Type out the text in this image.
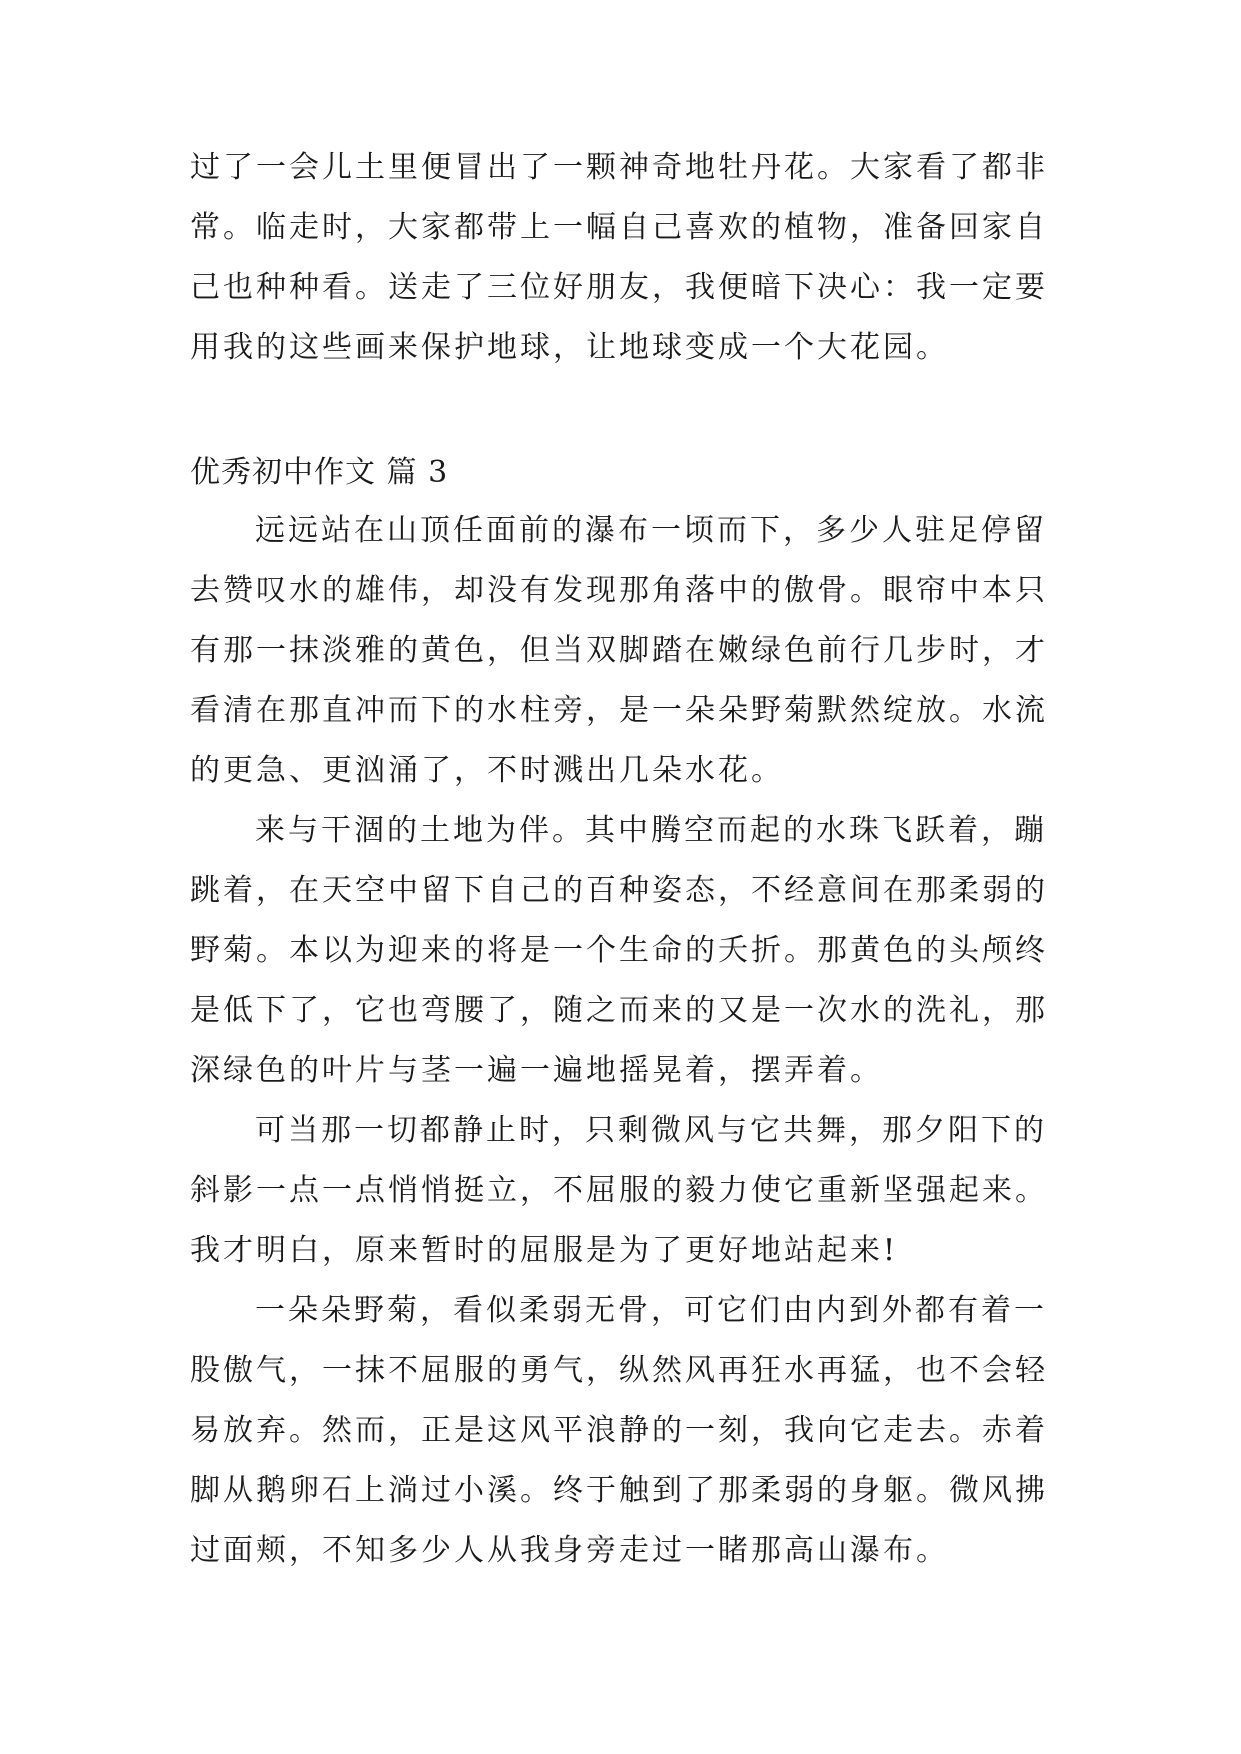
过了一会儿土里便冒出了一颗神奇地牡丹花。大家看了都非
常。临走时，大家都带上一幅自己喜欢的植物，准备回家自
己也种种看。送走了三位好朋友，我便暗下决心：我一定要
用我的这些画来保护地球，让地球变成一个大花园。
优秀初中作文 篇 3
远远站在山顶任面前的瀑布一顷而下，多少人驻足停留
去赞叹水的雄伟，却没有发现那角落中的傲骨。眼帘中本只
有那一抹淡雅的黄色，但当双脚踏在嫩绿色前行几步时，才
看清在那直冲而下的水柱旁，是一朵朵野菊默然绽放。水流
的更急、更汹涌了，不时溅出几朵水花。
来与干涸的土地为伴。其中腾空而起的水珠飞跃着，蹦
跳着，在天空中留下自己的百种姿态，不经意间在那柔弱的
野菊。本以为迎来的将是一个生命的夭折。那黄色的头颅终
是低下了，它也弯腰了，随之而来的又是一次水的洗礼，那
深绿色的叶片与茎一遍一遍地摇晃着，摆弄着。
可当那一切都静止时，只剩微风与它共舞，那夕阳下的
斜影一点一点悄悄挺立，不屈服的毅力使它重新坚强起来。
我才明白，原来暂时的屈服是为了更好地站起来!
一朵朵野菊，看似柔弱无骨，可它们由内到外都有着一
股傲气，一抹不屈服的勇气，纵然风再狂水再猛，也不会轻
易放弃。然而，正是这风平浪静的一刻，我向它走去。赤着
脚从鹅卵石上淌过小溪。终于触到了那柔弱的身躯。微风拂
过面颊，不知多少人从我身旁走过一睹那高山瀑布。
